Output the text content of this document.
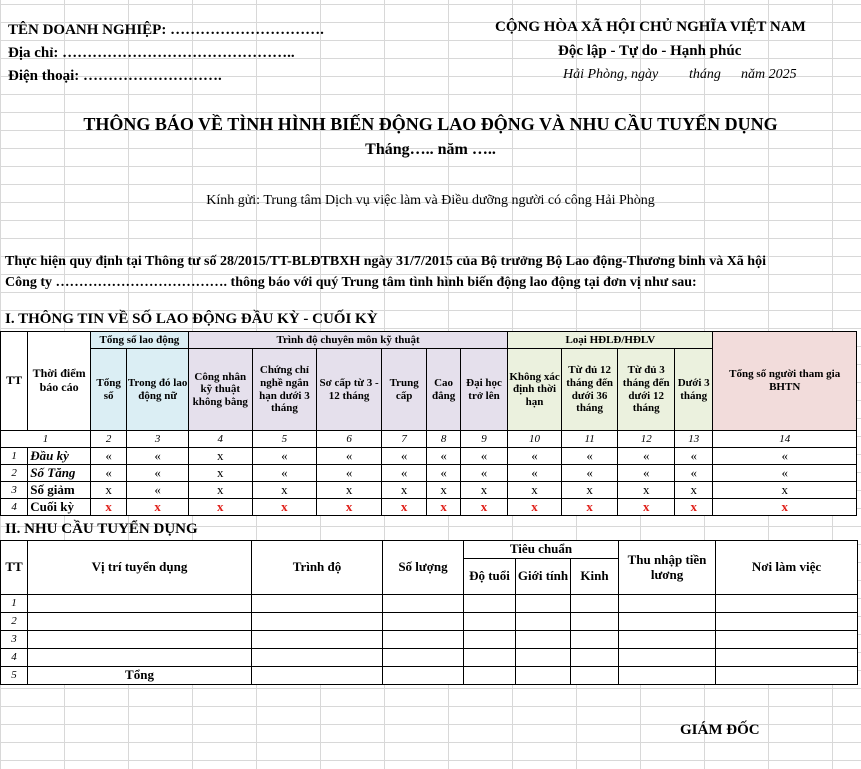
TÊN DOANH NGHIỆP: ………………………….
Địa chỉ: ………………………………………..
Điện thoại: ……………………….
CỘNG HÒA XÃ HỘI CHỦ NGHĨA VIỆT NAM
Độc lập - Tự do - Hạnh phúc
Hải Phòng, ngày tháng năm 2025
THÔNG BÁO VỀ TÌNH HÌNH BIẾN ĐỘNG LAO ĐỘNG VÀ NHU CẦU TUYỂN DỤNG
Tháng….. năm …..
Kính gửi: Trung tâm Dịch vụ việc làm và Điều dưỡng người có công Hải Phòng
Thực hiện quy định tại Thông tư số 28/2015/TT-BLĐTBXH ngày 31/7/2015 của Bộ trưởng Bộ Lao động-Thương binh và Xã hội
Công ty ………………………………. thông báo với quý Trung tâm tình hình biến động lao động tại đơn vị như sau:
I. THÔNG TIN VỀ SỐ LAO ĐỘNG ĐẦU KỲ - CUỐI KỲ
TT	Thời điểm báo cáo	Tổng số lao động		Trình độ chuyên môn kỹ thuật						Loại HĐLĐ/HĐLV				Tổng số người tham gia BHTN
		Tổng số	Trong đó lao động nữ	Công nhân kỹ thuật không bằng	Chứng chỉ nghề ngắn hạn dưới 3 tháng	Sơ cấp từ 3 - 12 tháng	Trung cấp	Cao đẳng	Đại học trở lên	Không xác định thời hạn	Từ đủ 12 tháng đến dưới 36 tháng	Từ đủ 3 tháng đến dưới 12 tháng	Dưới 3 tháng	
1		2	3	4	5	6	7	8	9	10	11	12	13	14
1	Đầu kỳ	«	«	x	«	«	«	«	«	«	«	«	«	«
2	Số Tăng	«	«	x	«	«	«	«	«	«	«	«	«	«
3	Số giảm	x	«	x	x	x	x	x	x	x	x	x	x	x
4	Cuối kỳ	x	x	x	x	x	x	x	x	x	x	x	x	x
II. NHU CẦU TUYỂN DỤNG
TT	Vị trí tuyển dụng	Trình độ	Số lượng	Tiêu chuẩn			Thu nhập tiền lương	Nơi làm việc
				Độ tuổi	Giới tính	Kinh		
1								
2								
3								
4								
5	Tổng							
GIÁM ĐỐC
